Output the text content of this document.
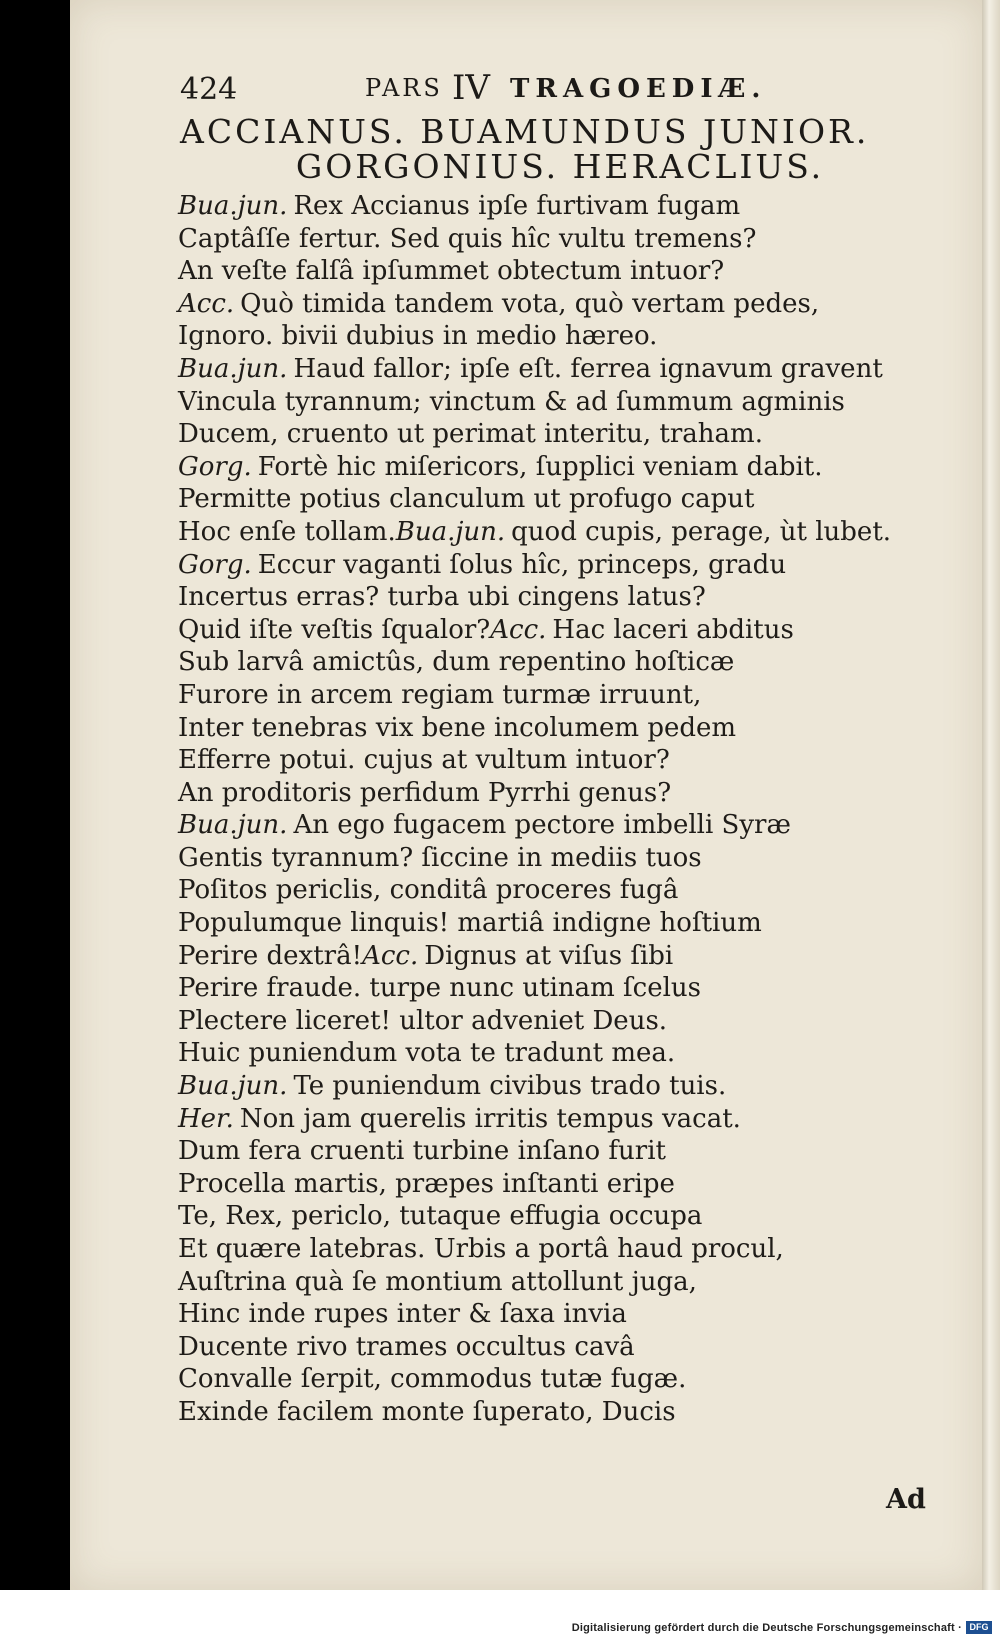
424	PARS IV TRAGOEDIÆ.
ACCIANUS. BUAMUNDUS JUNIOR.
GORGONIUS. HERACLIUS.
Bua.jun. Rex Accianus ipſe furtivam fugam
Captâſſe fertur. Sed quis hîc vultu tremens?
An veſte falſâ ipſummet obtectum intuor?
Acc. Quò timida tandem vota, quò vertam pedes,
Ignoro. bivii dubius in medio hæreo.
Bua.jun. Haud fallor; ipſe eſt. ferrea ignavum gravent
Vincula tyrannum; vinctum & ad ſummum agminis
Ducem, cruento ut perimat interitu, traham.
Gorg. Fortè hic miſericors, ſupplici veniam dabit.
Permitte potius clanculum ut profugo caput
Hoc enſe tollam.Bua.jun. quod cupis, perage, ùt lubet.
Gorg. Eccur vaganti ſolus hîc, princeps, gradu
Incertus erras? turba ubi cingens latus?
Quid iſte veſtis ſqualor?Acc. Hac laceri abditus
Sub larvâ amictûs, dum repentino hoſticæ
Furore in arcem regiam turmæ irruunt,
Inter tenebras vix bene incolumem pedem
Efferre potui. cujus at vultum intuor?
An proditoris perfidum Pyrrhi genus?
Bua.jun. An ego fugacem pectore imbelli Syræ
Gentis tyrannum? ſiccine in mediis tuos
Poſitos periclis, conditâ proceres fugâ
Populumque linquis! martiâ indigne hoſtium
Perire dextrâ!Acc. Dignus at viſus ſibi
Perire fraude. turpe nunc utinam ſcelus
Plectere liceret! ultor adveniet Deus.
Huic puniendum vota te tradunt mea.
Bua.jun. Te puniendum civibus trado tuis.
Her. Non jam querelis irritis tempus vacat.
Dum fera cruenti turbine inſano furit
Procella martis, præpes inſtanti eripe
Te, Rex, periclo, tutaque effugia occupa
Et quære latebras. Urbis a portâ haud procul,
Auſtrina quà ſe montium attollunt juga,
Hinc inde rupes inter & ſaxa invia
Ducente rivo trames occultus cavâ
Convalle ſerpit, commodus tutæ fugæ.
Exinde facilem monte ſuperato, Ducis
Ad
Digitalisierung gefördert durch die Deutsche Forschungsgemeinschaft · DFG
